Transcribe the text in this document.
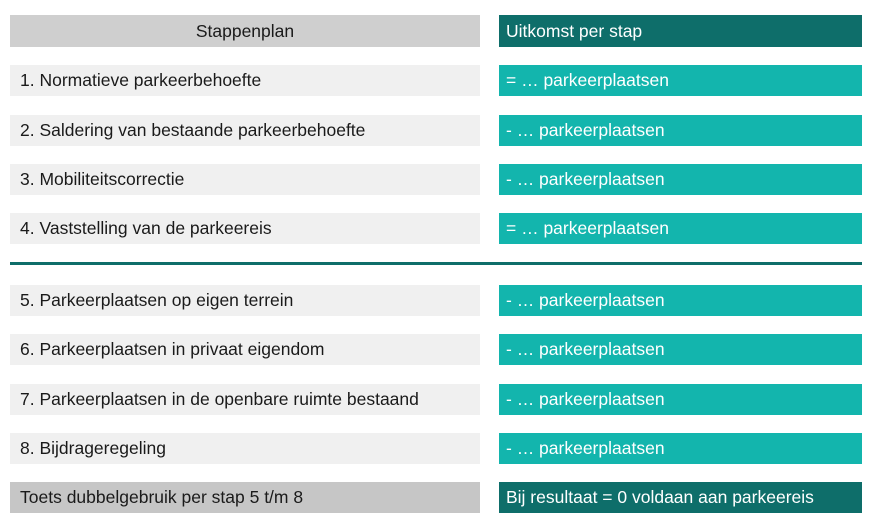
Stappenplan	Uitkomst per stap
1. Normatieve parkeerbehoefte	= … parkeerplaatsen
2. Saldering van bestaande parkeerbehoefte	- … parkeerplaatsen
3. Mobiliteitscorrectie	- … parkeerplaatsen
4. Vaststelling van de parkeereis	= … parkeerplaatsen
5. Parkeerplaatsen op eigen terrein	- … parkeerplaatsen
6. Parkeerplaatsen in privaat eigendom	- … parkeerplaatsen
7. Parkeerplaatsen in de openbare ruimte bestaand	- … parkeerplaatsen
8. Bijdrageregeling	- … parkeerplaatsen
Toets dubbelgebruik per stap 5 t/m 8	Bij resultaat = 0 voldaan aan parkeereis
